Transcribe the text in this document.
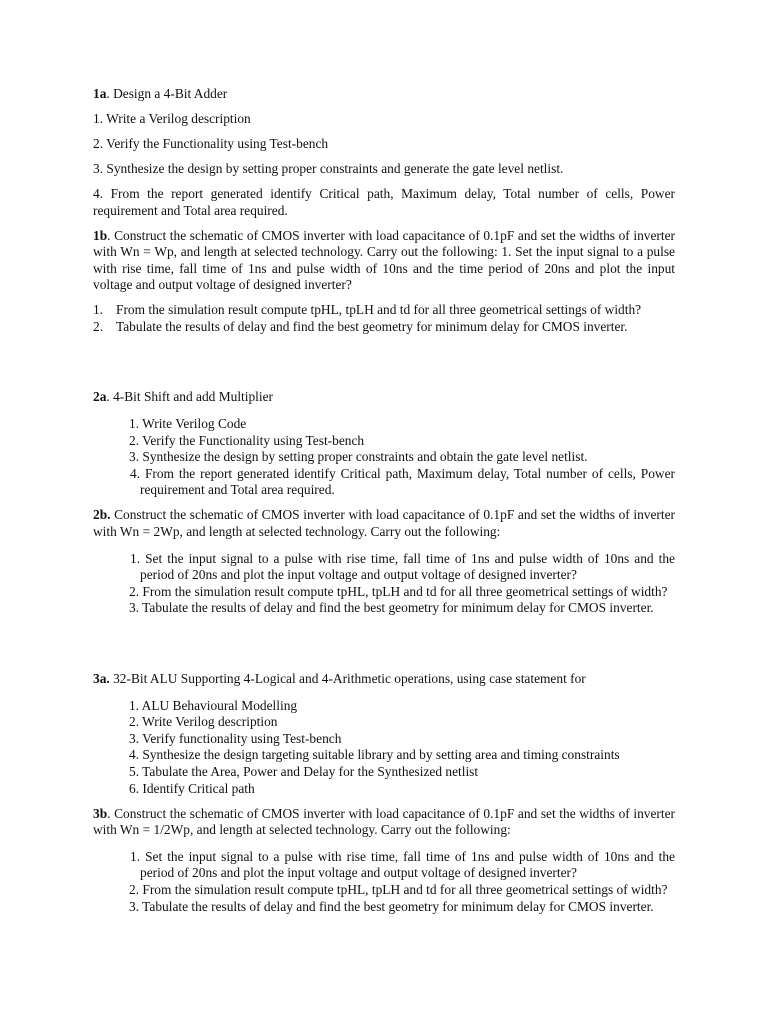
1a. Design a 4-Bit Adder

1. Write a Verilog description

2. Verify the Functionality using Test-bench

3. Synthesize the design by setting proper constraints and generate the gate level netlist.

4. From the report generated identify Critical path, Maximum delay, Total number of cells, Power requirement and Total area required.

1b. Construct the schematic of CMOS inverter with load capacitance of 0.1pF and set the widths of inverter with Wn = Wp, and length at selected technology. Carry out the following: 1. Set the input signal to a pulse with rise time, fall time of 1ns and pulse width of 10ns and the time period of 20ns and plot the input voltage and output voltage of designed inverter?

1. From the simulation result compute tpHL, tpLH and td for all three geometrical settings of width?
2. Tabulate the results of delay and find the best geometry for minimum delay for CMOS inverter.

2a. 4-Bit Shift and add Multiplier

1. Write Verilog Code
2. Verify the Functionality using Test-bench
3. Synthesize the design by setting proper constraints and obtain the gate level netlist.
4. From the report generated identify Critical path, Maximum delay, Total number of cells, Power requirement and Total area required.

2b. Construct the schematic of CMOS inverter with load capacitance of 0.1pF and set the widths of inverter with Wn = 2Wp, and length at selected technology. Carry out the following:

1. Set the input signal to a pulse with rise time, fall time of 1ns and pulse width of 10ns and the period of 20ns and plot the input voltage and output voltage of designed inverter?
2. From the simulation result compute tpHL, tpLH and td for all three geometrical settings of width?
3. Tabulate the results of delay and find the best geometry for minimum delay for CMOS inverter.

3a. 32-Bit ALU Supporting 4-Logical and 4-Arithmetic operations, using case statement for

1. ALU Behavioural Modelling
2. Write Verilog description
3. Verify functionality using Test-bench
4. Synthesize the design targeting suitable library and by setting area and timing constraints
5. Tabulate the Area, Power and Delay for the Synthesized netlist
6. Identify Critical path

3b. Construct the schematic of CMOS inverter with load capacitance of 0.1pF and set the widths of inverter with Wn = 1/2Wp, and length at selected technology. Carry out the following:

1. Set the input signal to a pulse with rise time, fall time of 1ns and pulse width of 10ns and the period of 20ns and plot the input voltage and output voltage of designed inverter?
2. From the simulation result compute tpHL, tpLH and td for all three geometrical settings of width?
3. Tabulate the results of delay and find the best geometry for minimum delay for CMOS inverter.
